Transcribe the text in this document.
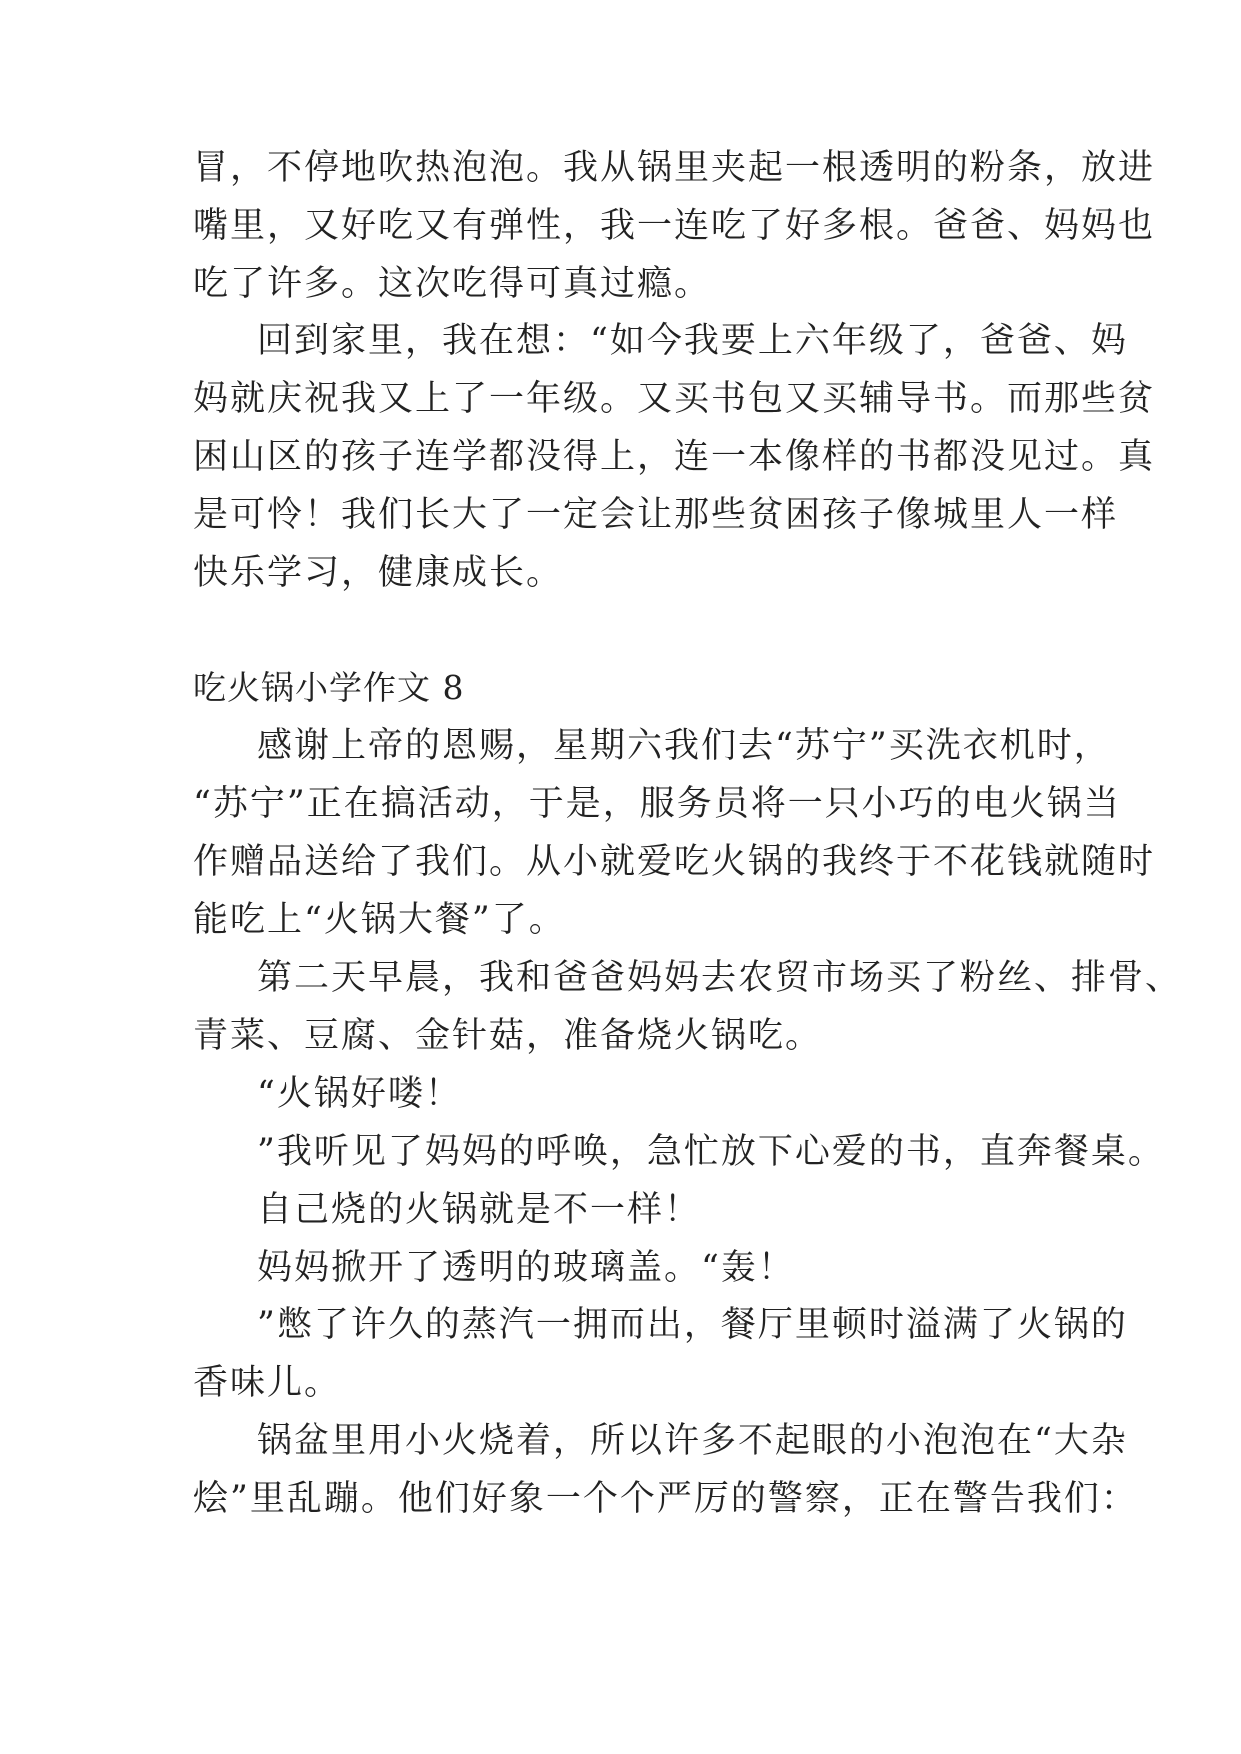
冒，不停地吹热泡泡。我从锅里夹起一根透明的粉条，放进
嘴里，又好吃又有弹性，我一连吃了好多根。爸爸、妈妈也
吃了许多。这次吃得可真过瘾。
回到家里，我在想：“如今我要上六年级了，爸爸、妈
妈就庆祝我又上了一年级。又买书包又买辅导书。而那些贫
困山区的孩子连学都没得上，连一本像样的书都没见过。真
是可怜！我们长大了一定会让那些贫困孩子像城里人一样
快乐学习，健康成长。
吃火锅小学作文 8
感谢上帝的恩赐，星期六我们去“苏宁”买洗衣机时，
“苏宁”正在搞活动，于是，服务员将一只小巧的电火锅当
作赠品送给了我们。从小就爱吃火锅的我终于不花钱就随时
能吃上“火锅大餐”了。
第二天早晨，我和爸爸妈妈去农贸市场买了粉丝、排骨、
青菜、豆腐、金针菇，准备烧火锅吃。
“火锅好喽！
”我听见了妈妈的呼唤，急忙放下心爱的书，直奔餐桌。
自己烧的火锅就是不一样！
妈妈掀开了透明的玻璃盖。“轰！
”憋了许久的蒸汽一拥而出，餐厅里顿时溢满了火锅的
香味儿。
锅盆里用小火烧着，所以许多不起眼的小泡泡在“大杂
烩”里乱蹦。他们好象一个个严厉的警察，正在警告我们：
